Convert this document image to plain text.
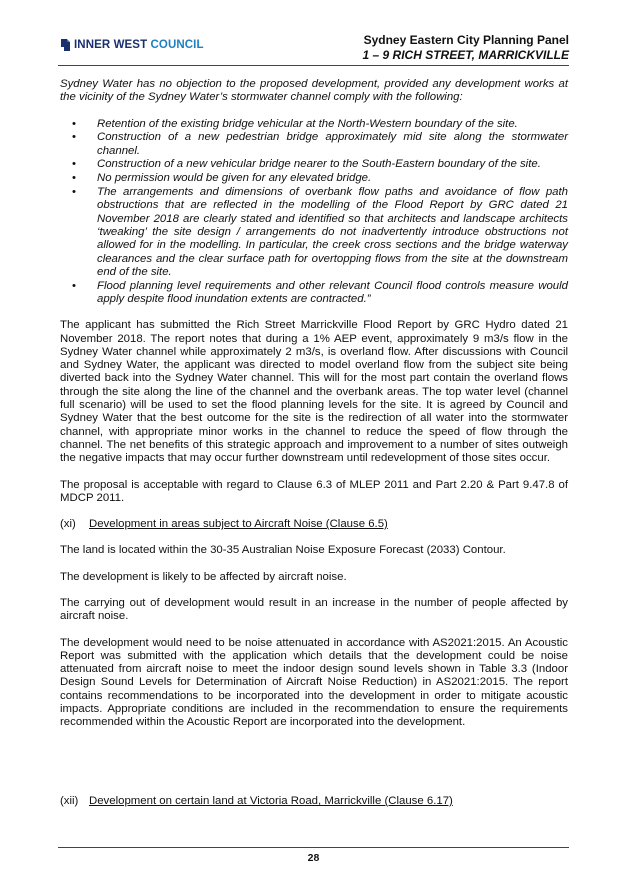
INNER WEST COUNCIL	Sydney Eastern City Planning Panel
1 – 9 RICH STREET, MARRICKVILLE

Sydney Water has no objection to the proposed development, provided any development works at the vicinity of the Sydney Water’s stormwater channel comply with the following:

• Retention of the existing bridge vehicular at the North-Western boundary of the site.
• Construction of a new pedestrian bridge approximately mid site along the stormwater channel.
• Construction of a new vehicular bridge nearer to the South-Eastern boundary of the site.
• No permission would be given for any elevated bridge.
• The arrangements and dimensions of overbank flow paths and avoidance of flow path obstructions that are reflected in the modelling of the Flood Report by GRC dated 21 November 2018 are clearly stated and identified so that architects and landscape architects ‘tweaking’ the site design / arrangements do not inadvertently introduce obstructions not allowed for in the modelling. In particular, the creek cross sections and the bridge waterway clearances and the clear surface path for overtopping flows from the site at the downstream end of the site.
• Flood planning level requirements and other relevant Council flood controls measure would apply despite flood inundation extents are contracted.”

The applicant has submitted the Rich Street Marrickville Flood Report by GRC Hydro dated 21 November 2018. The report notes that during a 1% AEP event, approximately 9 m3/s flow in the Sydney Water channel while approximately 2 m3/s, is overland flow. After discussions with Council and Sydney Water, the applicant was directed to model overland flow from the subject site being diverted back into the Sydney Water channel. This will for the most part contain the overland flows through the site along the line of the channel and the overbank areas. The top water level (channel full scenario) will be used to set the flood planning levels for the site. It is agreed by Council and Sydney Water that the best outcome for the site is the redirection of all water into the stormwater channel, with appropriate minor works in the channel to reduce the speed of flow through the channel. The net benefits of this strategic approach and improvement to a number of sites outweigh the negative impacts that may occur further downstream until redevelopment of those sites occur.

The proposal is acceptable with regard to Clause 6.3 of MLEP 2011 and Part 2.20 & Part 9.47.8 of MDCP 2011.

(xi)	Development in areas subject to Aircraft Noise (Clause 6.5)

The land is located within the 30-35 Australian Noise Exposure Forecast (2033) Contour.

The development is likely to be affected by aircraft noise.

The carrying out of development would result in an increase in the number of people affected by aircraft noise.

The development would need to be noise attenuated in accordance with AS2021:2015. An Acoustic Report was submitted with the application which details that the development could be noise attenuated from aircraft noise to meet the indoor design sound levels shown in Table 3.3 (Indoor Design Sound Levels for Determination of Aircraft Noise Reduction) in AS2021:2015. The report contains recommendations to be incorporated into the development in order to mitigate acoustic impacts. Appropriate conditions are included in the recommendation to ensure the requirements recommended within the Acoustic Report are incorporated into the development.

(xii) Development on certain land at Victoria Road, Marrickville (Clause 6.17)
28
